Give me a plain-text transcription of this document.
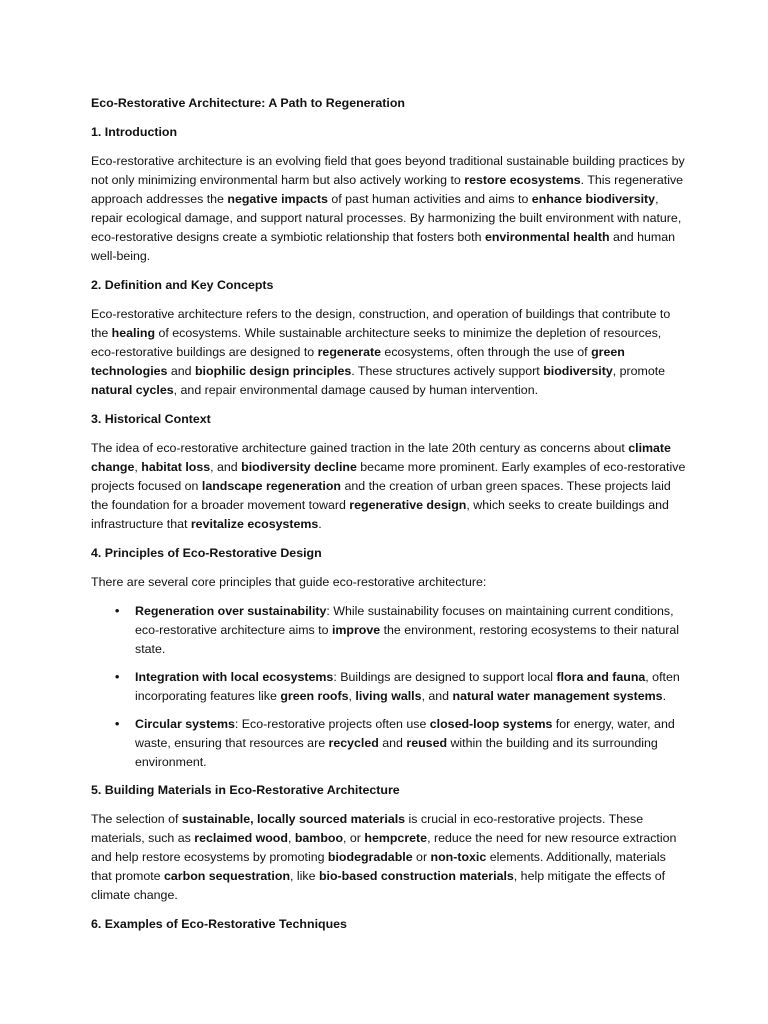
Eco-Restorative Architecture: A Path to Regeneration
1. Introduction

Eco-restorative architecture is an evolving field that goes beyond traditional sustainable building practices by not only minimizing environmental harm but also actively working to restore ecosystems. This regenerative approach addresses the negative impacts of past human activities and aims to enhance biodiversity, repair ecological damage, and support natural processes. By harmonizing the built environment with nature, eco-restorative designs create a symbiotic relationship that fosters both environmental health and human well-being.

2. Definition and Key Concepts

Eco-restorative architecture refers to the design, construction, and operation of buildings that contribute to the healing of ecosystems. While sustainable architecture seeks to minimize the depletion of resources, eco-restorative buildings are designed to regenerate ecosystems, often through the use of green technologies and biophilic design principles. These structures actively support biodiversity, promote natural cycles, and repair environmental damage caused by human intervention.

3. Historical Context

The idea of eco-restorative architecture gained traction in the late 20th century as concerns about climate change, habitat loss, and biodiversity decline became more prominent. Early examples of eco-restorative projects focused on landscape regeneration and the creation of urban green spaces. These projects laid the foundation for a broader movement toward regenerative design, which seeks to create buildings and infrastructure that revitalize ecosystems.

4. Principles of Eco-Restorative Design

There are several core principles that guide eco-restorative architecture:

• Regeneration over sustainability: While sustainability focuses on maintaining current conditions, eco-restorative architecture aims to improve the environment, restoring ecosystems to their natural state.
• Integration with local ecosystems: Buildings are designed to support local flora and fauna, often incorporating features like green roofs, living walls, and natural water management systems.
• Circular systems: Eco-restorative projects often use closed-loop systems for energy, water, and waste, ensuring that resources are recycled and reused within the building and its surrounding environment.
5. Building Materials in Eco-Restorative Architecture

The selection of sustainable, locally sourced materials is crucial in eco-restorative projects. These materials, such as reclaimed wood, bamboo, or hempcrete, reduce the need for new resource extraction and help restore ecosystems by promoting biodegradable or non-toxic elements. Additionally, materials that promote carbon sequestration, like bio-based construction materials, help mitigate the effects of climate change.

6. Examples of Eco-Restorative Techniques
